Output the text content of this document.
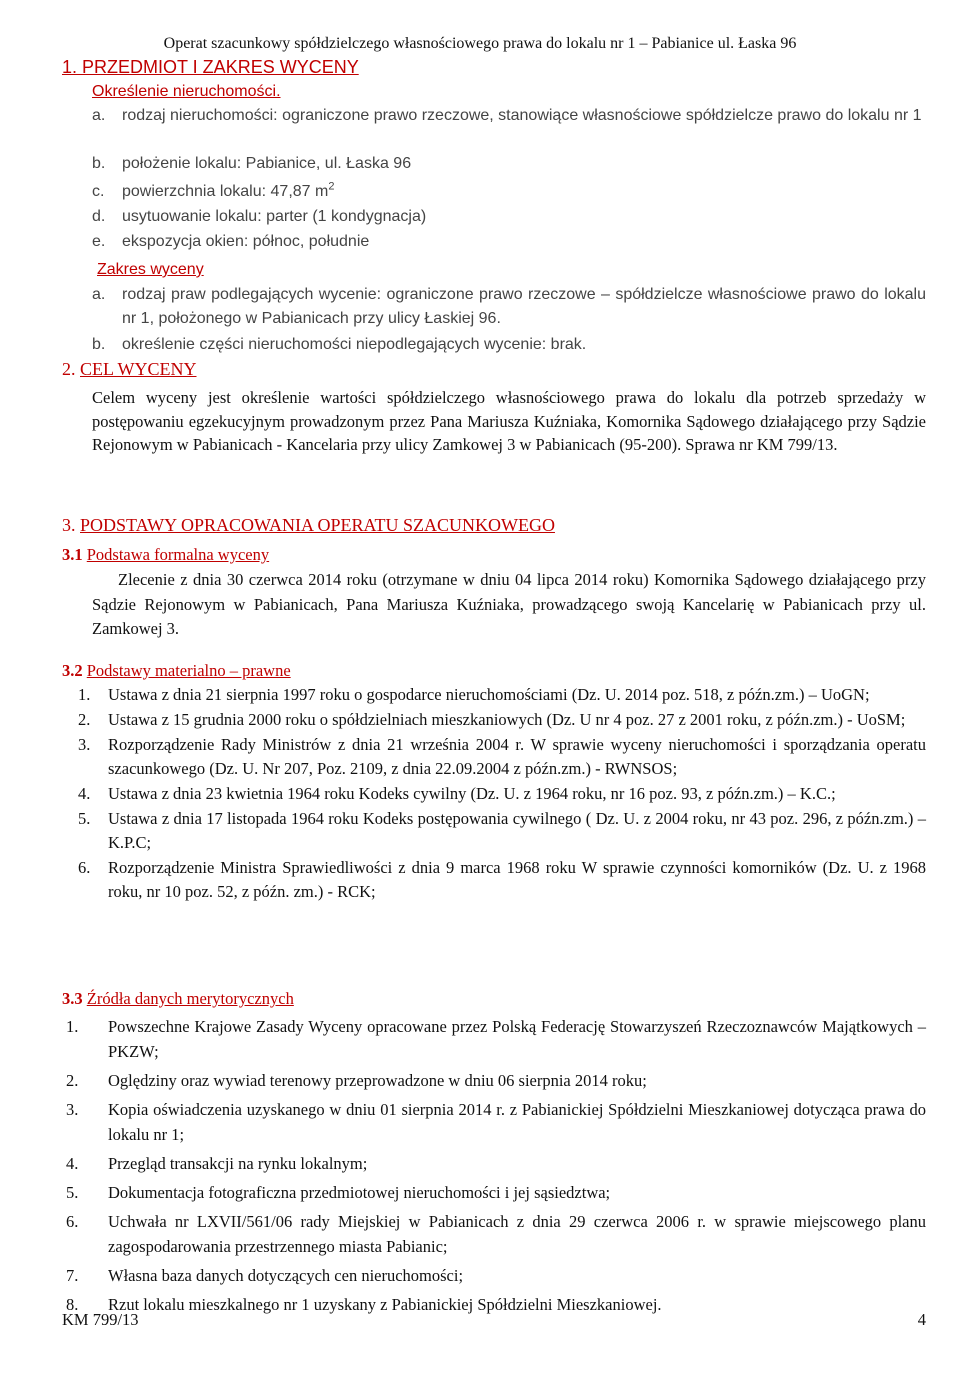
Operat szacunkowy spółdzielczego własnościowego prawa do lokalu nr 1 – Pabianice ul. Łaska 96
1. PRZEDMIOT I ZAKRES WYCENY
Określenie nieruchomości.
a.	rodzaj nieruchomości: ograniczone prawo rzeczowe, stanowiące własnościowe spółdzielcze prawo do lokalu nr 1
b.	położenie lokalu: Pabianice, ul. Łaska 96
c.	powierzchnia lokalu: 47,87 $m^2$
d.	usytuowanie lokalu: parter (1 kondygnacja)
e.	ekspozycja okien: północ, południe
Zakres wyceny
a.	rodzaj praw podlegających wycenie: ograniczone prawo rzeczowe – spółdzielcze własnościowe prawo do lokalu nr 1, położonego w Pabianicach przy ulicy Łaskiej 96.
b.	określenie części nieruchomości niepodlegających wycenie: brak.
2. CEL WYCENY
Celem wyceny jest określenie wartości spółdzielczego własnościowego prawa do lokalu dla potrzeb sprzedaży w postępowaniu egzekucyjnym prowadzonym przez Pana Mariusza Kuźniaka, Komornika Sądowego działającego przy Sądzie Rejonowym w Pabianicach - Kancelaria przy ulicy Zamkowej 3 w Pabianicach (95-200). Sprawa nr KM 799/13.
3. PODSTAWY OPRACOWANIA OPERATU SZACUNKOWEGO
3.1 Podstawa formalna wyceny
Zlecenie z dnia 30 czerwca 2014 roku (otrzymane w dniu 04 lipca 2014 roku) Komornika Sądowego działającego przy Sądzie Rejonowym w Pabianicach, Pana Mariusza Kuźniaka, prowadzącego swoją Kancelarię w Pabianicach przy ul. Zamkowej 3.
3.2 Podstawy materialno – prawne
1.	Ustawa z dnia 21 sierpnia 1997 roku o gospodarce nieruchomościami (Dz. U. 2014 poz. 518, z późn.zm.) – UoGN;
2.	Ustawa z 15 grudnia 2000 roku o spółdzielniach mieszkaniowych (Dz. U nr 4 poz. 27 z 2001 roku, z późn.zm.) - UoSM;
3.	Rozporządzenie Rady Ministrów z dnia 21 września 2004 r. W sprawie wyceny nieruchomości i sporządzania operatu szacunkowego (Dz. U. Nr 207, Poz. 2109, z dnia 22.09.2004 z późn.zm.) - RWNSOS;
4.	Ustawa z dnia 23 kwietnia 1964 roku Kodeks cywilny (Dz. U. z 1964 roku, nr 16 poz. 93, z późn.zm.) – K.C.;
5.	Ustawa z dnia 17 listopada 1964 roku Kodeks postępowania cywilnego ( Dz. U. z 2004 roku, nr 43 poz. 296, z późn.zm.) – K.P.C;
6.	Rozporządzenie Ministra Sprawiedliwości z dnia 9 marca 1968 roku W sprawie czynności komorników (Dz. U. z 1968 roku, nr 10 poz. 52, z późn. zm.) - RCK;
3.3 Źródła danych merytorycznych
1.	Powszechne Krajowe Zasady Wyceny opracowane przez Polską Federację Stowarzyszeń Rzeczoznawców Majątkowych – PKZW;
2.	Oględziny oraz wywiad terenowy przeprowadzone w dniu 06 sierpnia 2014 roku;
3.	Kopia oświadczenia uzyskanego w dniu 01 sierpnia 2014 r. z Pabianickiej Spółdzielni Mieszkaniowej dotycząca prawa do lokalu nr 1;
4.	Przegląd transakcji na rynku lokalnym;
5.	Dokumentacja fotograficzna przedmiotowej nieruchomości i jej sąsiedztwa;
6.	Uchwała nr LXVII/561/06 rady Miejskiej w Pabianicach z dnia 29 czerwca 2006 r. w sprawie miejscowego planu zagospodarowania przestrzennego miasta Pabianic;
7.	Własna baza danych dotyczących cen nieruchomości;
8.	Rzut lokalu mieszkalnego nr 1 uzyskany z Pabianickiej Spółdzielni Mieszkaniowej.
KM 799/13	4
